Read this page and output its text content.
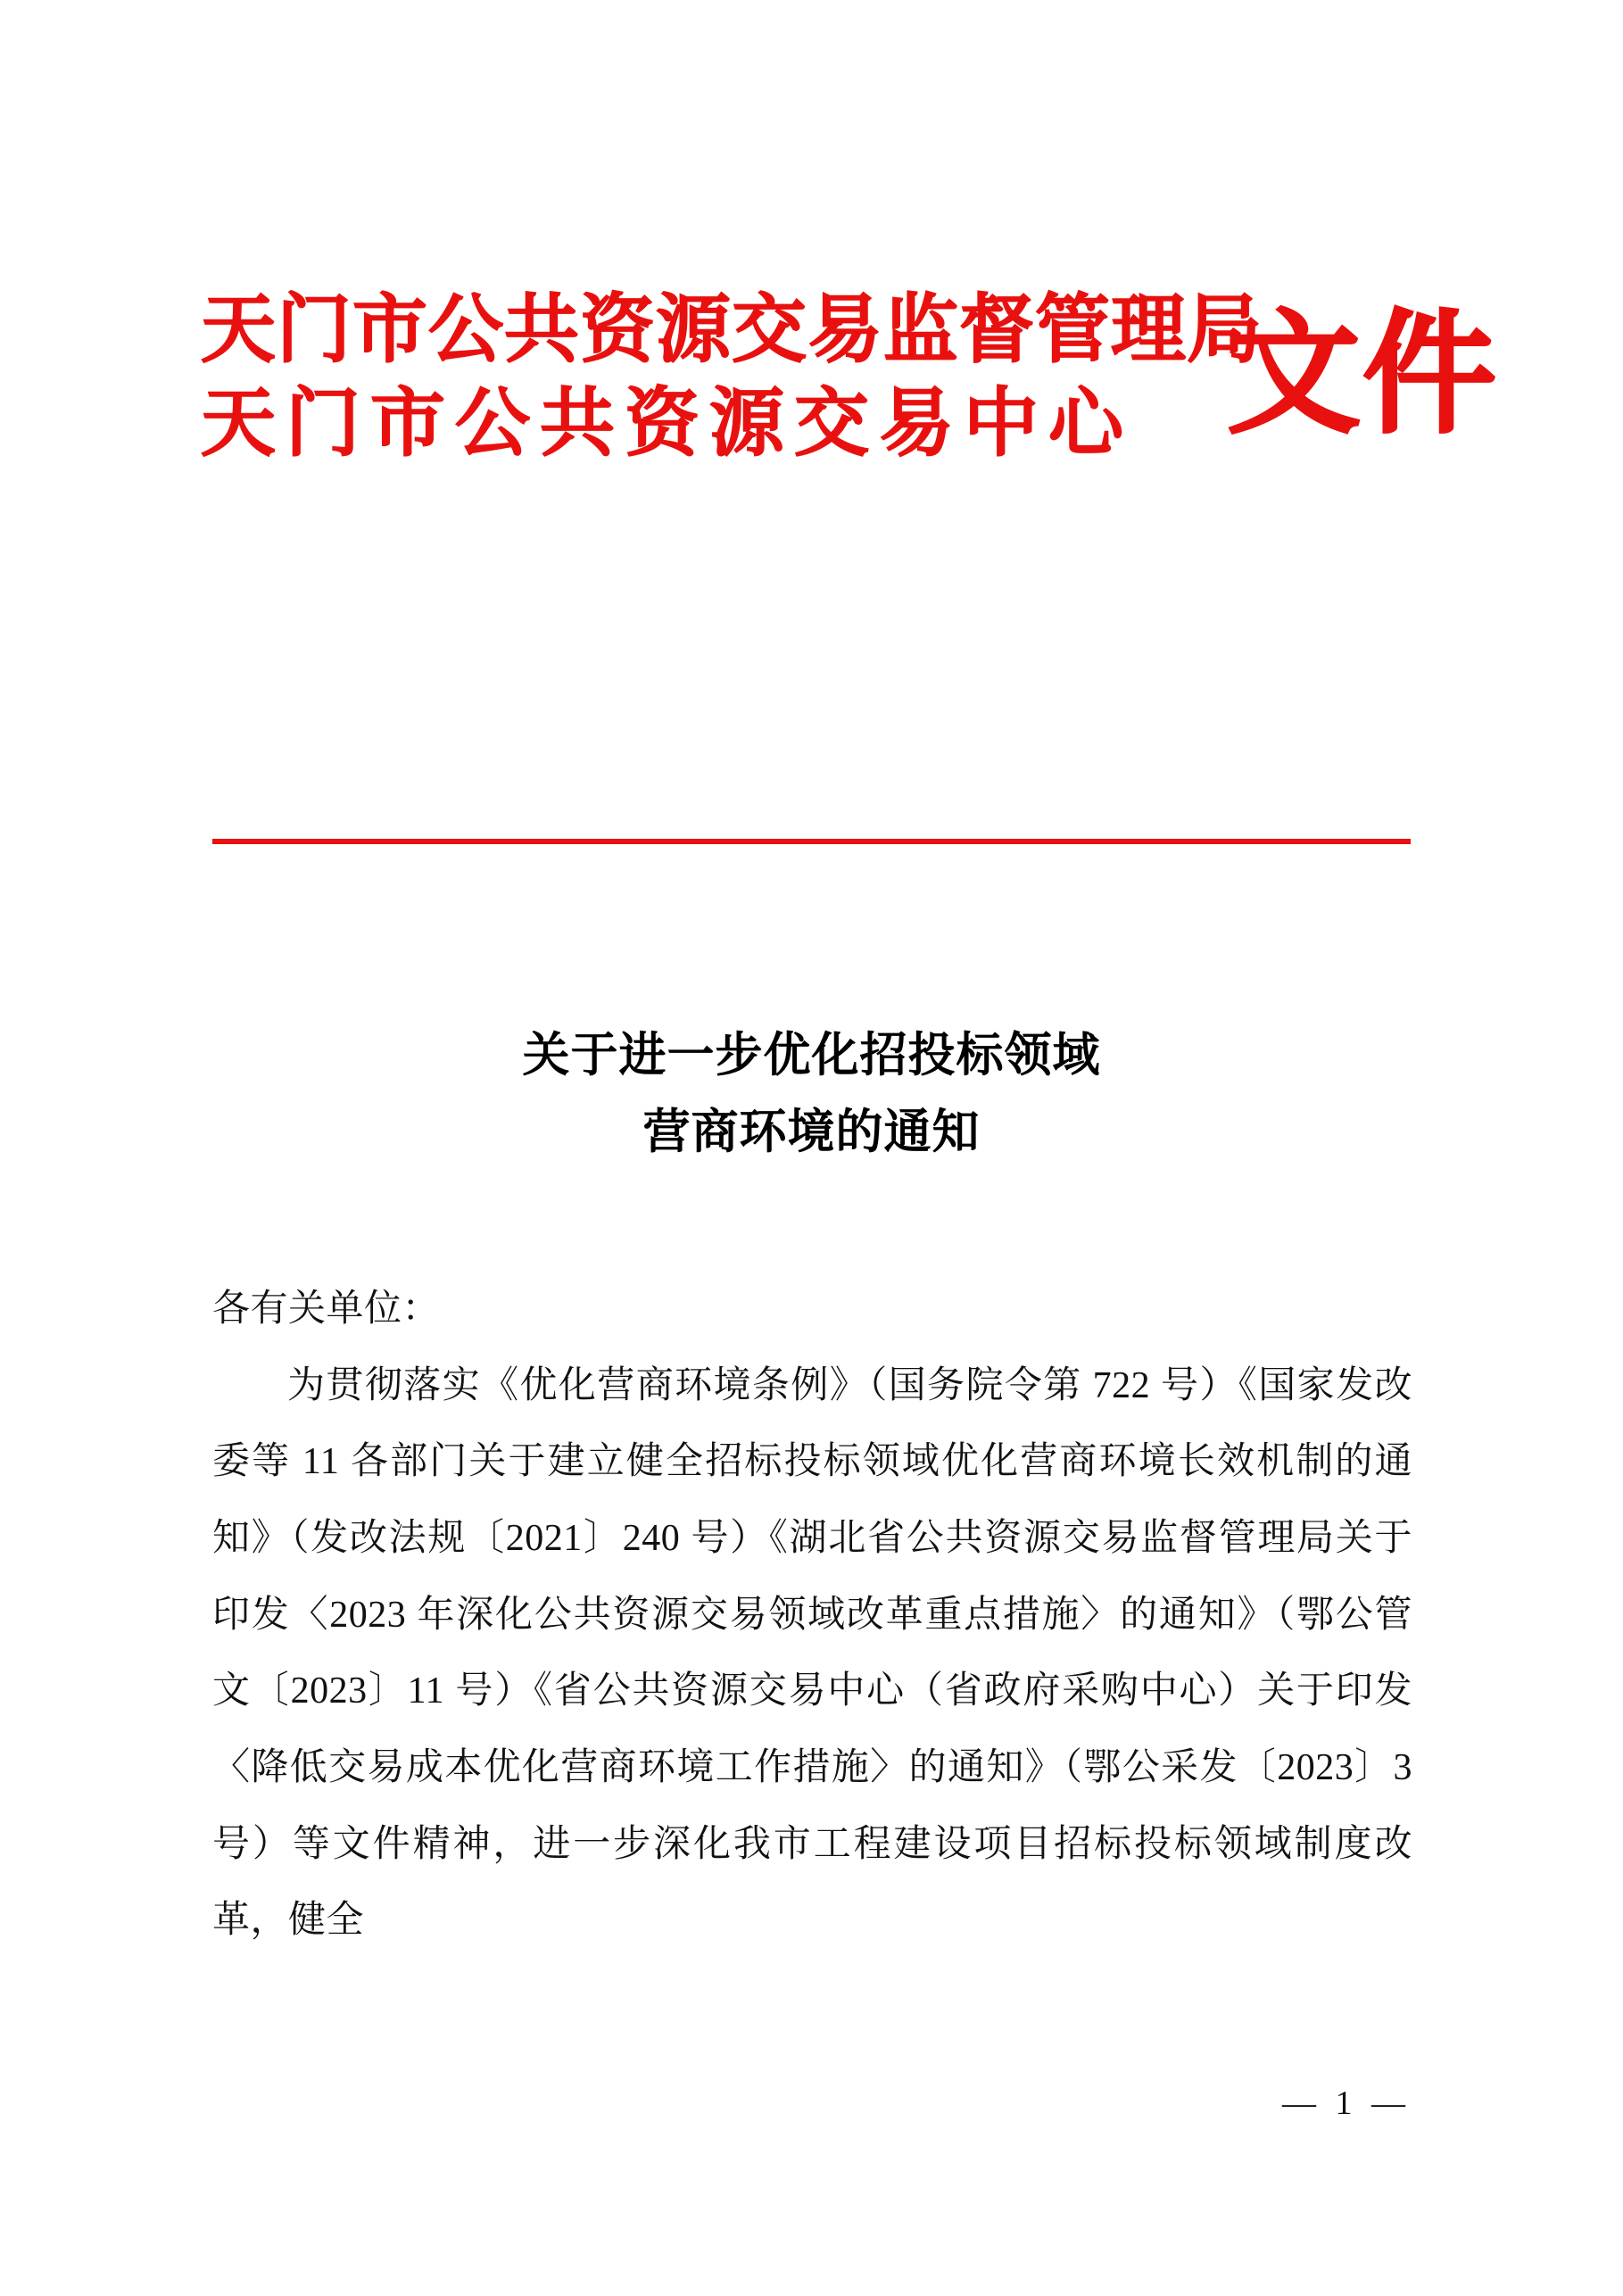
天门市公共资源交易监督管理局
天门市公共资源交易中心 文件
关于进一步优化招投标领域
营商环境的通知

各有关单位：

为贯彻落实《优化营商环境条例》（国务院令第 722 号）《国家发改委等 11 各部门关于建立健全招标投标领域优化营商环境长效机制的通知》（发改法规〔2021〕240 号）《湖北省公共资源交易监督管理局关于印发〈2023 年深化公共资源交易领域改革重点措施〉的通知》（鄂公管文〔2023〕11 号）《省公共资源交易中心（省政府采购中心）关于印发〈降低交易成本优化营商环境工作措施〉的通知》（鄂公采发〔2023〕3 号）等文件精神，进一步深化我市工程建设项目招标投标领域制度改革，健全

— 1 —
